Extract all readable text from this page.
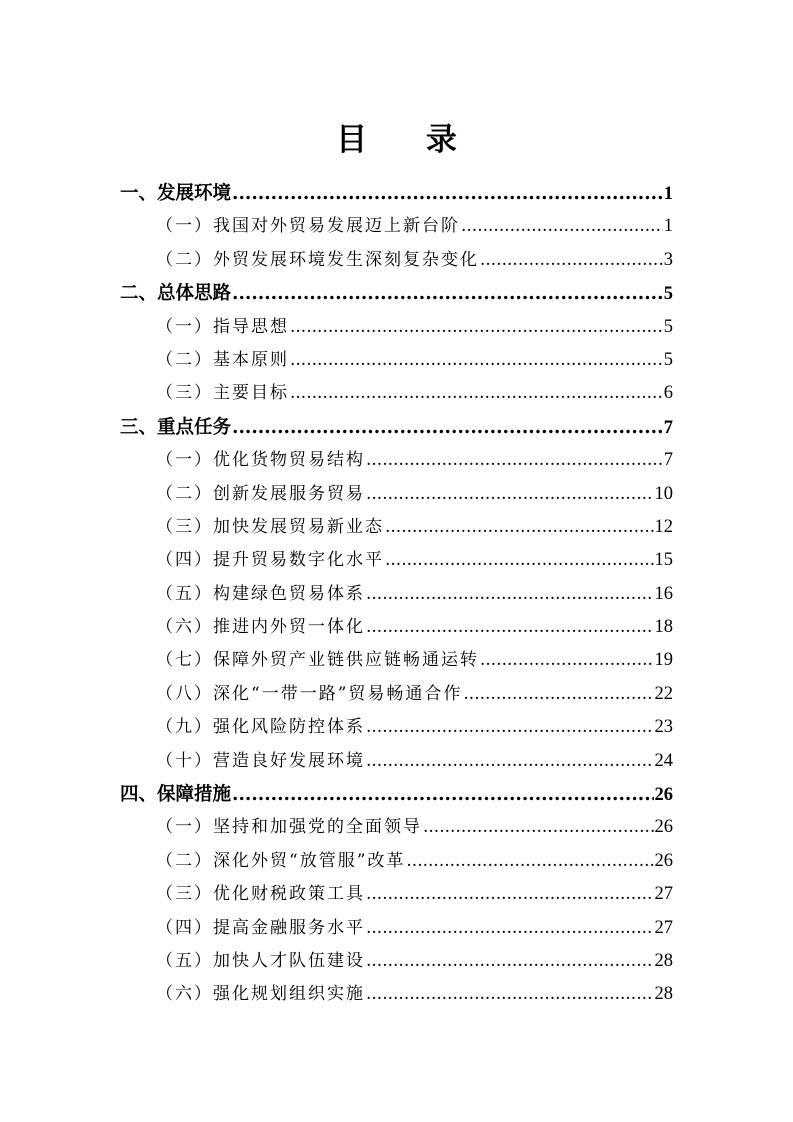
目 录
一、发展环境 .....	1
（一）我国对外贸易发展迈上新台阶 .....	1
（二）外贸发展环境发生深刻复杂变化 .....	3
二、总体思路 .....	5
（一）指导思想 .....	5
（二）基本原则 .....	5
（三）主要目标 .....	6
三、重点任务 .....	7
（一）优化货物贸易结构 .....	7
（二）创新发展服务贸易 .....	10
（三）加快发展贸易新业态 .....	12
（四）提升贸易数字化水平 .....	15
（五）构建绿色贸易体系 .....	16
（六）推进内外贸一体化 .....	18
（七）保障外贸产业链供应链畅通运转 .....	19
（八）深化“一带一路”贸易畅通合作 .....	22
（九）强化风险防控体系 .....	23
（十）营造良好发展环境 .....	24
四、保障措施 .....	26
（一）坚持和加强党的全面领导 .....	26
（二）深化外贸“放管服”改革 .....	26
（三）优化财税政策工具 .....	27
（四）提高金融服务水平 .....	27
（五）加快人才队伍建设 .....	28
（六）强化规划组织实施 .....	28
